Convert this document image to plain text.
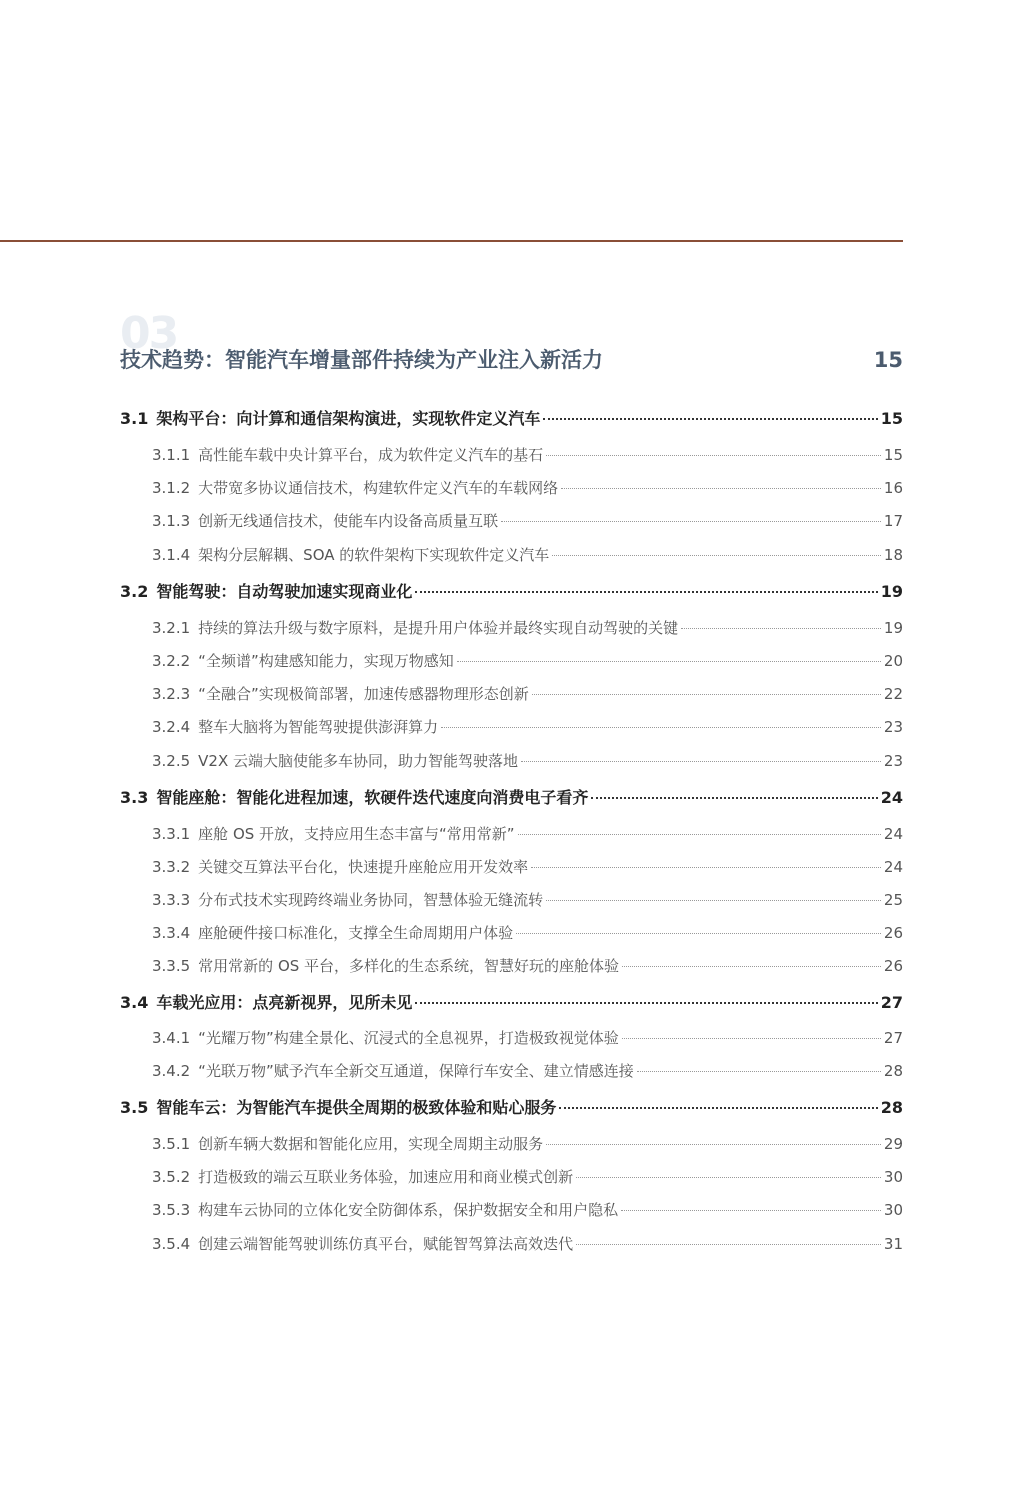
03
技术趋势：智能汽车增量部件持续为产业注入新活力	15
3.1 架构平台：向计算和通信架构演进，实现软件定义汽车	15
3.1.1 高性能车载中央计算平台，成为软件定义汽车的基石	15
3.1.2 大带宽多协议通信技术，构建软件定义汽车的车载网络	16
3.1.3 创新无线通信技术，使能车内设备高质量互联	17
3.1.4 架构分层解耦、SOA 的软件架构下实现软件定义汽车	18
3.2 智能驾驶：自动驾驶加速实现商业化	19
3.2.1 持续的算法升级与数字原料，是提升用户体验并最终实现自动驾驶的关键	19
3.2.2 “全频谱”构建感知能力，实现万物感知	20
3.2.3 “全融合”实现极简部署，加速传感器物理形态创新	22
3.2.4 整车大脑将为智能驾驶提供澎湃算力	23
3.2.5 V2X 云端大脑使能多车协同，助力智能驾驶落地	23
3.3 智能座舱：智能化进程加速，软硬件迭代速度向消费电子看齐	24
3.3.1 座舱 OS 开放，支持应用生态丰富与“常用常新”	24
3.3.2 关键交互算法平台化，快速提升座舱应用开发效率	24
3.3.3 分布式技术实现跨终端业务协同，智慧体验无缝流转	25
3.3.4 座舱硬件接口标准化，支撑全生命周期用户体验	26
3.3.5 常用常新的 OS 平台，多样化的生态系统，智慧好玩的座舱体验	26
3.4 车载光应用：点亮新视界，见所未见	27
3.4.1 “光耀万物”构建全景化、沉浸式的全息视界，打造极致视觉体验	27
3.4.2 “光联万物”赋予汽车全新交互通道，保障行车安全、建立情感连接	28
3.5 智能车云：为智能汽车提供全周期的极致体验和贴心服务	28
3.5.1 创新车辆大数据和智能化应用，实现全周期主动服务	29
3.5.2 打造极致的端云互联业务体验，加速应用和商业模式创新	30
3.5.3 构建车云协同的立体化安全防御体系，保护数据安全和用户隐私	30
3.5.4 创建云端智能驾驶训练仿真平台，赋能智驾算法高效迭代	31
